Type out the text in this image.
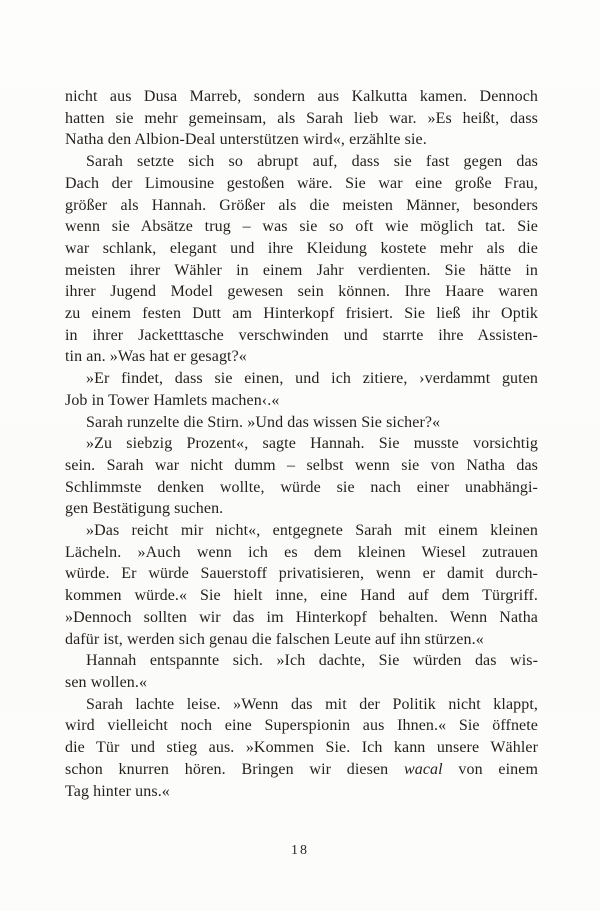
nicht aus Dusa Marreb, sondern aus Kalkutta kamen. Dennoch
hatten sie mehr gemeinsam, als Sarah lieb war. »Es heißt, dass
Natha den Albion-Deal unterstützen wird«, erzählte sie.
Sarah setzte sich so abrupt auf, dass sie fast gegen das
Dach der Limousine gestoßen wäre. Sie war eine große Frau,
größer als Hannah. Größer als die meisten Männer, besonders
wenn sie Absätze trug – was sie so oft wie möglich tat. Sie
war schlank, elegant und ihre Kleidung kostete mehr als die
meisten ihrer Wähler in einem Jahr verdienten. Sie hätte in
ihrer Jugend Model gewesen sein können. Ihre Haare waren
zu einem festen Dutt am Hinterkopf frisiert. Sie ließ ihr Optik
in ihrer Jacketttasche verschwinden und starrte ihre Assisten-
tin an. »Was hat er gesagt?«
»Er findet, dass sie einen, und ich zitiere, ›verdammt guten
Job in Tower Hamlets machen‹.«
Sarah runzelte die Stirn. »Und das wissen Sie sicher?«
»Zu siebzig Prozent«, sagte Hannah. Sie musste vorsichtig
sein. Sarah war nicht dumm – selbst wenn sie von Natha das
Schlimmste denken wollte, würde sie nach einer unabhängi-
gen Bestätigung suchen.
»Das reicht mir nicht«, entgegnete Sarah mit einem kleinen
Lächeln. »Auch wenn ich es dem kleinen Wiesel zutrauen
würde. Er würde Sauerstoff privatisieren, wenn er damit durch-
kommen würde.« Sie hielt inne, eine Hand auf dem Türgriff.
»Dennoch sollten wir das im Hinterkopf behalten. Wenn Natha
dafür ist, werden sich genau die falschen Leute auf ihn stürzen.«
Hannah entspannte sich. »Ich dachte, Sie würden das wis-
sen wollen.«
Sarah lachte leise. »Wenn das mit der Politik nicht klappt,
wird vielleicht noch eine Superspionin aus Ihnen.« Sie öffnete
die Tür und stieg aus. »Kommen Sie. Ich kann unsere Wähler
schon knurren hören. Bringen wir diesen wacal von einem
Tag hinter uns.«
18
